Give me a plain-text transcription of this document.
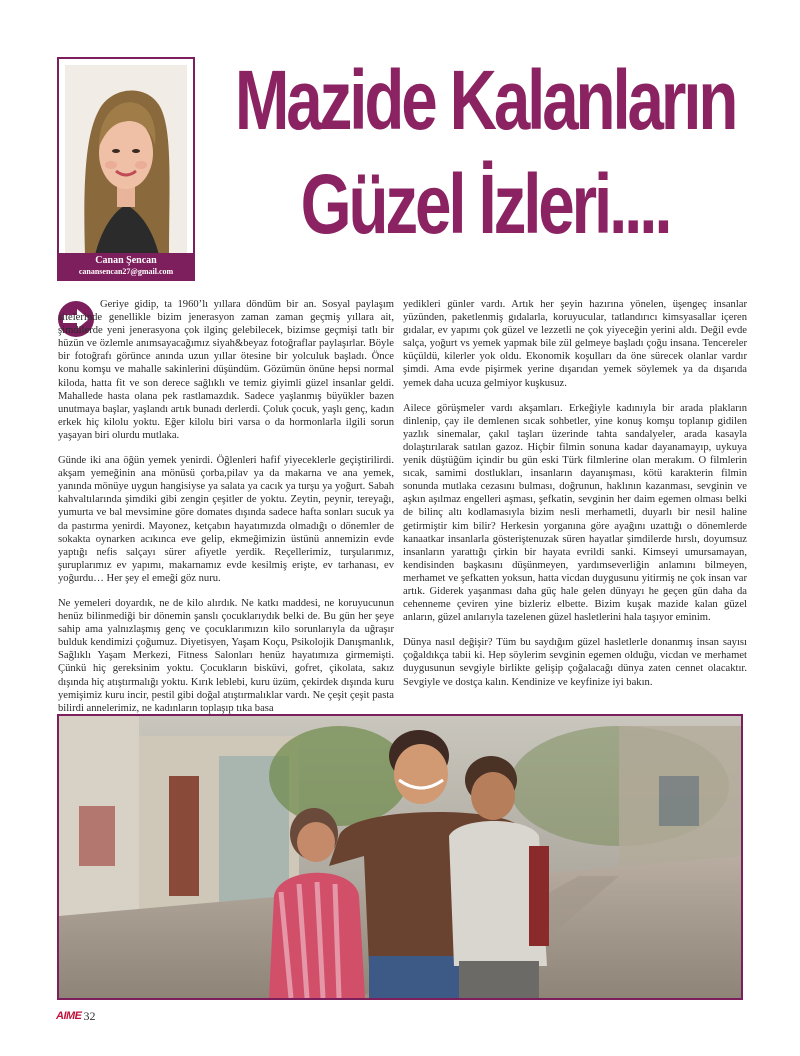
Canan Şencan
canansencan27@gmail.com
Mazide Kalanların
Güzel İzleri....

Geriye gidip, ta 1960’lı yıllara döndüm bir an. Sosyal paylaşım sitelerinde genellikle bizim jenerasyon zaman zaman geçmiş yıllara ait, şimdilerde yeni jenerasyona çok ilginç gelebilecek, bizimse geçmişi tatlı bir hüzün ve özlemle anımsayacağımız siyah&beyaz fotoğraflar paylaşırlar. Böyle bir fotoğrafı görünce anında uzun yıllar ötesine bir yolculuk başladı. Önce konu komşu ve mahalle sakinlerini düşündüm. Gözümün önüne hepsi normal kiloda, hatta fit ve son derece sağlıklı ve temiz giyimli güzel insanlar geldi. Mahallede hasta olana pek rastlamazdık. Sadece yaşlanmış büyükler bazen unutmaya başlar, yaşlandı artık bunadı derlerdi. Çoluk çocuk, yaşlı genç, kadın erkek hiç kilolu yoktu. Eğer kilolu biri varsa o da hormonlarla ilgili sorun yaşayan biri olurdu mutlaka.

Günde iki ana öğün yemek yenirdi. Öğlenleri hafif yiyeceklerle geçiştirilirdi. akşam yemeğinin ana mönüsü çorba,pilav ya da makarna ve ana yemek, yanında mönüye uygun hangisiyse ya salata ya cacık ya turşu ya yoğurt. Sabah kahvaltılarında şimdiki gibi zengin çeşitler de yoktu. Zeytin, peynir, tereyağı, yumurta ve bal mevsimine göre domates dışında sadece hafta sonları sucuk ya da pastırma yenirdi. Mayonez, ketçabın hayatımızda olmadığı o dönemler de sokakta oynarken acıkınca eve gelip, ekmeğimizin üstünü annemizin evde yaptığı nefis salçayı sürer afiyetle yerdik. Reçellerimiz, turşularımız, şuruplarımız ev yapımı, makarnamız evde kesilmiş erişte, ev tarhanası, ev yoğurdu… Her şey el emeği göz nuru.

Ne yemeleri doyardık, ne de kilo alırdık. Ne katkı maddesi, ne koruyucunun henüz bilinmediği bir dönemin şanslı çocuklarıydık belki de. Bu gün her şeye sahip ama yalnızlaşmış genç ve çocuklarımızın kilo sorunlarıyla da uğraşır bulduk kendimizi çoğumuz. Diyetisyen, Yaşam Koçu, Psikolojik Danışmanlık, Sağlıklı Yaşam Merkezi, Fitness Salonları henüz hayatımıza girmemişti. Çünkü hiç gereksinim yoktu. Çocukların bisküvi, gofret, çikolata, sakız dışında hiç atıştırmalığı yoktu. Kırık leblebi, kuru üzüm, çekirdek dışında kuru yemişimiz kuru incir, pestil gibi doğal atıştırmalıklar vardı. Ne çeşit çeşit pasta bilirdi annelerimiz, ne kadınların toplaşıp tıka basa

yedikleri günler vardı. Artık her şeyin hazırına yönelen, üşengeç insanlar yüzünden, paketlenmiş gıdalarla, koruyucular, tatlandırıcı kimsyasallar içeren gıdalar, ev yapımı çok güzel ve lezzetli ne çok yiyeceğin yerini aldı. Değil evde salça, yoğurt vs yemek yapmak bile zül gelmeye başladı çoğu insana. Tencereler küçüldü, kilerler yok oldu. Ekonomik koşulları da öne sürecek olanlar vardır şimdi. Ama evde pişirmek yerine dışarıdan yemek söylemek ya da dışarıda yemek daha ucuza gelmiyor kuşkusuz.

Ailece görüşmeler vardı akşamları. Erkeğiyle kadınıyla bir arada plakların dinlenip, çay ile demlenen sıcak sohbetler, yine konuş komşu toplanıp gidilen yazlık sinemalar, çakıl taşları üzerinde tahta sandalyeler, arada kasayla dolaştırılarak satılan gazoz. Hiçbir filmin sonuna kadar dayanamayıp, uykuya yenik düştüğüm içindir bu gün eski Türk filmlerine olan merakım. O filmlerin sıcak, samimi dostlukları, insanların dayanışması, kötü karakterin filmin sonunda mutlaka cezasını bulması, doğrunun, haklının kazanması, sevginin ve aşkın aşılmaz engelleri aşması, şefkatin, sevginin her daim egemen olması belki de bilinç altı kodlamasıyla bizim nesli merhametli, duyarlı bir nesil haline getirmiştir kim bilir? Herkesin yorganına göre ayağını uzattığı o dönemlerde kanaatkar insanlarla gösteriştenuzak süren hayatlar şimdilerde hırslı, doyumsuz insanların yarattığı çirkin bir hayata evrildi sanki. Kimseyi umursamayan, kendisinden başkasını düşünmeyen, yardımseverliğin anlamını bilmeyen, merhamet ve şefkatten yoksun, hatta vicdan duygusunu yitirmiş ne çok insan var artık. Giderek yaşanması daha güç hale gelen dünyayı he geçen gün daha da cehenneme çeviren yine bizleriz elbette. Bizim kuşak mazide kalan güzel anların, güzel anılarıyla tazelenen güzel hasletlerini hala taşıyor eminim.

Dünya nasıl değişir? Tüm bu saydığım güzel hasletlerle donanmış insan sayısı çoğaldıkça tabii ki. Hep söylerim sevginin egemen olduğu, vicdan ve merhamet duygusunun sevgiyle birlikte gelişip çoğalacağı dünya zaten cennet olacaktır. Sevgiyle ve dostça kalın. Kendinize ve keyfinize iyi bakın.

AIME 32
